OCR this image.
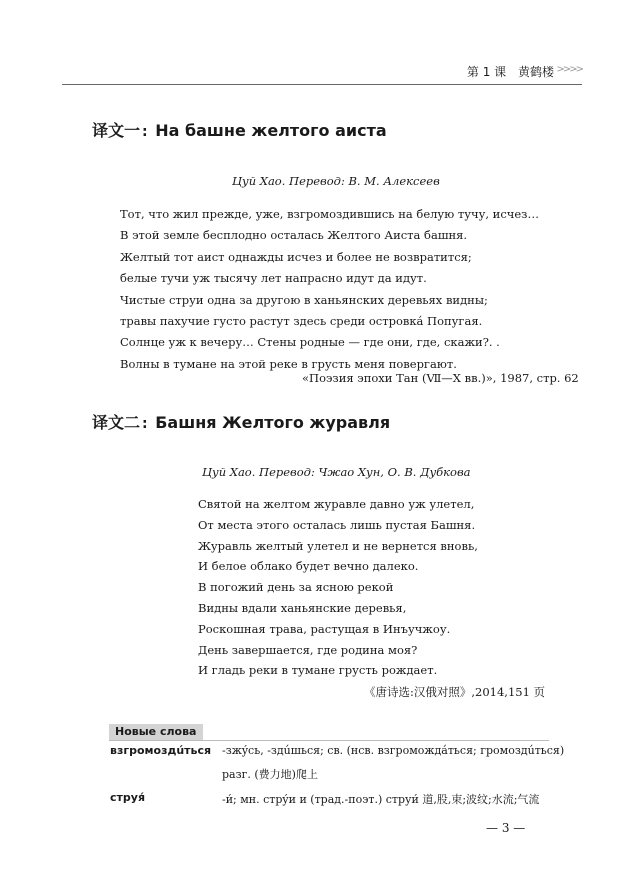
第 1 课 黄鹤楼 >>>>
译文一 : На башне желтого аиста
Цуй Хао. Перевод: В. М. Алексеев
Тот, что жил прежде, уже, взгромоздившись на белую тучу, исчез…
В этой земле бесплодно осталась Желтого Аиста башня.
Желтый тот аист однажды исчез и более не возвратится;
белые тучи уж тысячу лет напрасно идут да идут.
Чистые струи одна за другою в ханьянских деревьях видны;
травы пахучие густо растут здесь среди островкá Попугая.
Солнце уж к вечеру… Стены родные — где они, где, скажи?. .
Волны в тумане на этой реке в грусть меня повергают.
«Поэзия эпохи Тан (Ⅶ—Ⅹ вв.)», 1987, стр. 62
译文二 : Башня Желтого журавля
Цуй Хао. Перевод: Чжао Хун, О. В. Дубкова
Святой на желтом журавле давно уж улетел,
От места этого осталась лишь пустая Башня.
Журавль желтый улетел и не вернется вновь,
И белое облако будет вечно далеко.
В погожий день за ясною рекой
Видны вдали ханьянские деревья,
Роскошная трава, растущая в Инъучжоу.
День завершается, где родина моя?
И гладь реки в тумане грусть рождает.
《唐诗选:汉俄对照》,2014,151 页
Новые слова
взгромоздúться -зжýсь, -здúшься; св. (нсв. взгромождáться; громоздúться)
разг. (费力地)爬上
струя́	-и́; мн. стрýи и (трад.-поэт.) струи́ 道,股,束;波纹;水流;气流
— 3 —
